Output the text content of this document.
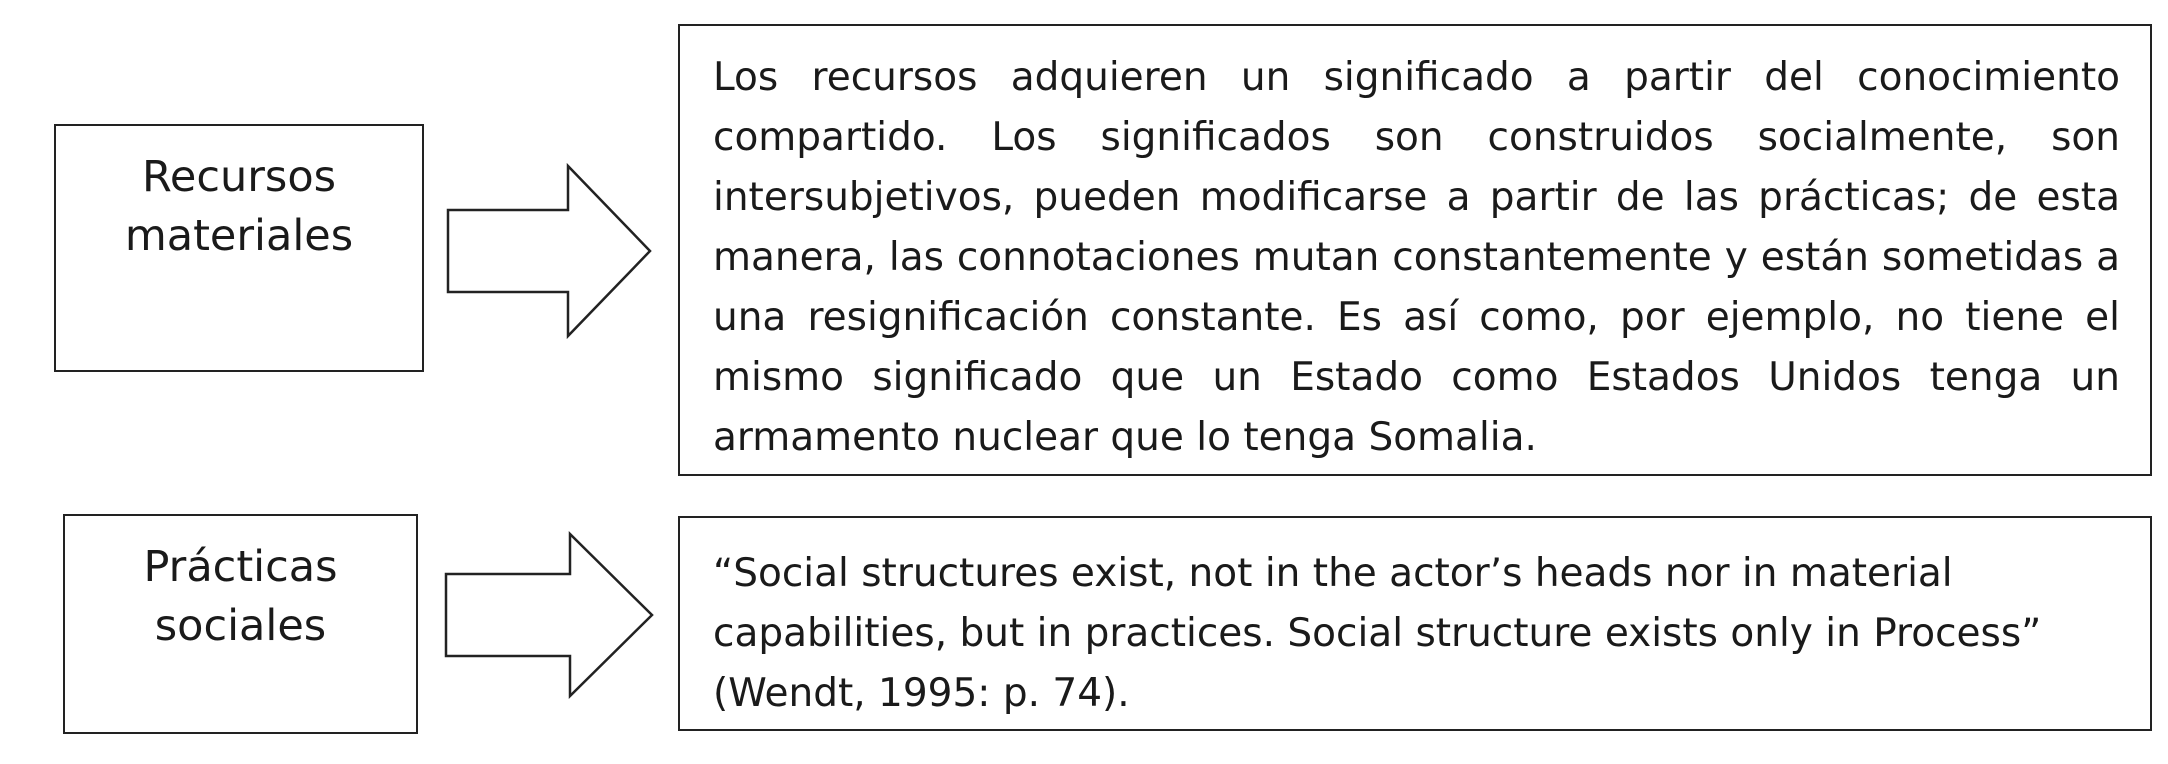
Recursos
materiales
Los recursos adquieren un significado a partir del conocimiento compartido. Los significados son construidos socialmente, son intersubjetivos, pueden modificarse a partir de las prácticas; de esta manera, las connotaciones mutan constantemente y están sometidas a una resignificación constante. Es así como, por ejemplo, no tiene el mismo significado que un Estado como Estados Unidos tenga un armamento nuclear que lo tenga Somalia.
Prácticas
sociales
“Social structures exist, not in the actor’s heads nor in material capabilities, but in practices. Social structure exists only in Process” (Wendt, 1995: p. 74).
